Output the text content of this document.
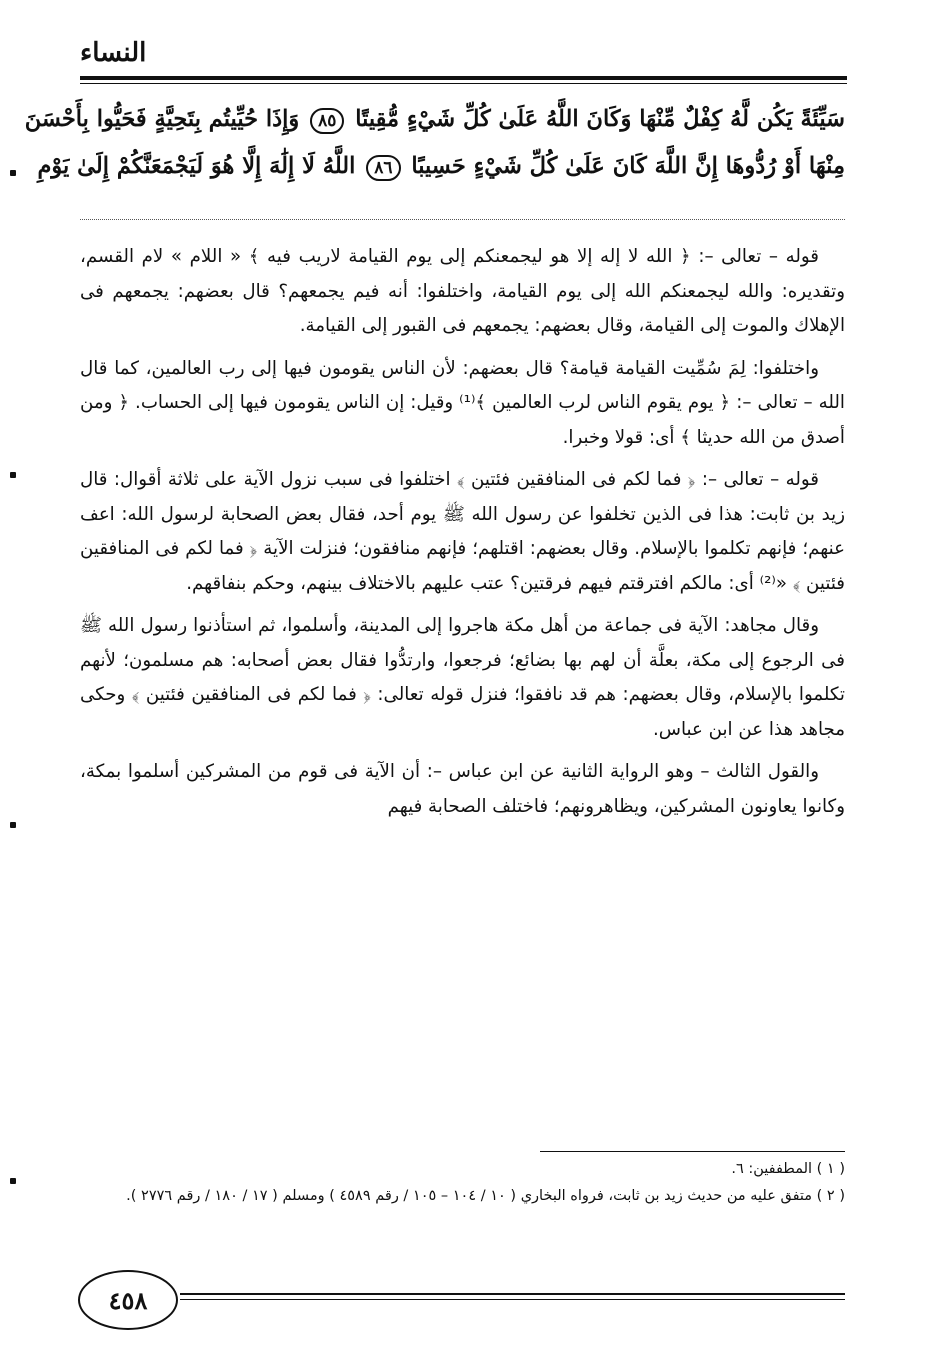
النساء
سَيِّئَةً يَكُن لَّهُ كِفْلٌ مِّنْهَا وَكَانَ اللَّهُ عَلَىٰ كُلِّ شَيْءٍ مُّقِيتًا ٨٥ وَإِذَا حُيِّيتُم بِتَحِيَّةٍ فَحَيُّوا بِأَحْسَنَ
مِنْهَا أَوْ رُدُّوهَا إِنَّ اللَّهَ كَانَ عَلَىٰ كُلِّ شَيْءٍ حَسِيبًا ٨٦ اللَّهُ لَا إِلَٰهَ إِلَّا هُوَ لَيَجْمَعَنَّكُمْ إِلَىٰ يَوْمِ

قوله – تعالى –: ﴿ الله لا إله إلا هو ليجمعنكم إلى يوم القيامة لاريب فيه ﴾ « اللام » لام القسم، وتقديره: والله ليجمعنكم الله إلى يوم القيامة، واختلفوا: أنه فيم يجمعهم؟ قال بعضهم: يجمعهم فى الإهلاك والموت إلى القيامة، وقال بعضهم: يجمعهم فى القبور إلى القيامة.

واختلفوا: لِمَ سُمِّيت القيامة قيامة؟ قال بعضهم: لأن الناس يقومون فيها إلى رب العالمين، كما قال الله – تعالى –: ﴿ يوم يقوم الناس لرب العالمين ﴾⁽¹⁾ وقيل: إن الناس يقومون فيها إلى الحساب. ﴿ ومن أصدق من الله حديثا ﴾ أى: قولا وخبرا.

قوله – تعالى –: ﴿ فما لكم فى المنافقين فئتين ﴾ اختلفوا فى سبب نزول الآية على ثلاثة أقوال: قال زيد بن ثابت: هذا فى الذين تخلفوا عن رسول الله ﷺ يوم أحد، فقال بعض الصحابة لرسول الله: اعف عنهم؛ فإنهم تكلموا بالإسلام. وقال بعضهم: اقتلهم؛ فإنهم منافقون؛ فنزلت الآية ﴿ فما لكم فى المنافقين فئتين ﴾ «⁽²⁾ أى: مالكم افترقتم فيهم فرقتين؟ عتب عليهم بالاختلاف بينهم، وحكم بنفاقهم.

وقال مجاهد: الآية فى جماعة من أهل مكة هاجروا إلى المدينة، وأسلموا، ثم استأذنوا رسول الله ﷺ فى الرجوع إلى مكة، بعلَّة أن لهم بها بضائع؛ فرجعوا، وارتدُّوا فقال بعض أصحابه: هم مسلمون؛ لأنهم تكلموا بالإسلام، وقال بعضهم: هم قد نافقوا؛ فنزل قوله تعالى: ﴿ فما لكم فى المنافقين فئتين ﴾ وحكى مجاهد هذا عن ابن عباس.

والقول الثالث – وهو الرواية الثانية عن ابن عباس –: أن الآية فى قوم من المشركين أسلموا بمكة، وكانوا يعاونون المشركين، ويظاهرونهم؛ فاختلف الصحابة فيهم

( ١ ) المطففين: ٦.

( ٢ ) متفق عليه من حديث زيد بن ثابت، فرواه البخاري ( ١٠ / ١٠٤ – ١٠٥ / رقم ٤٥٨٩ ) ومسلم ( ١٧ / ١٨٠ / رقم ٢٧٧٦ ).

٤٥٨
